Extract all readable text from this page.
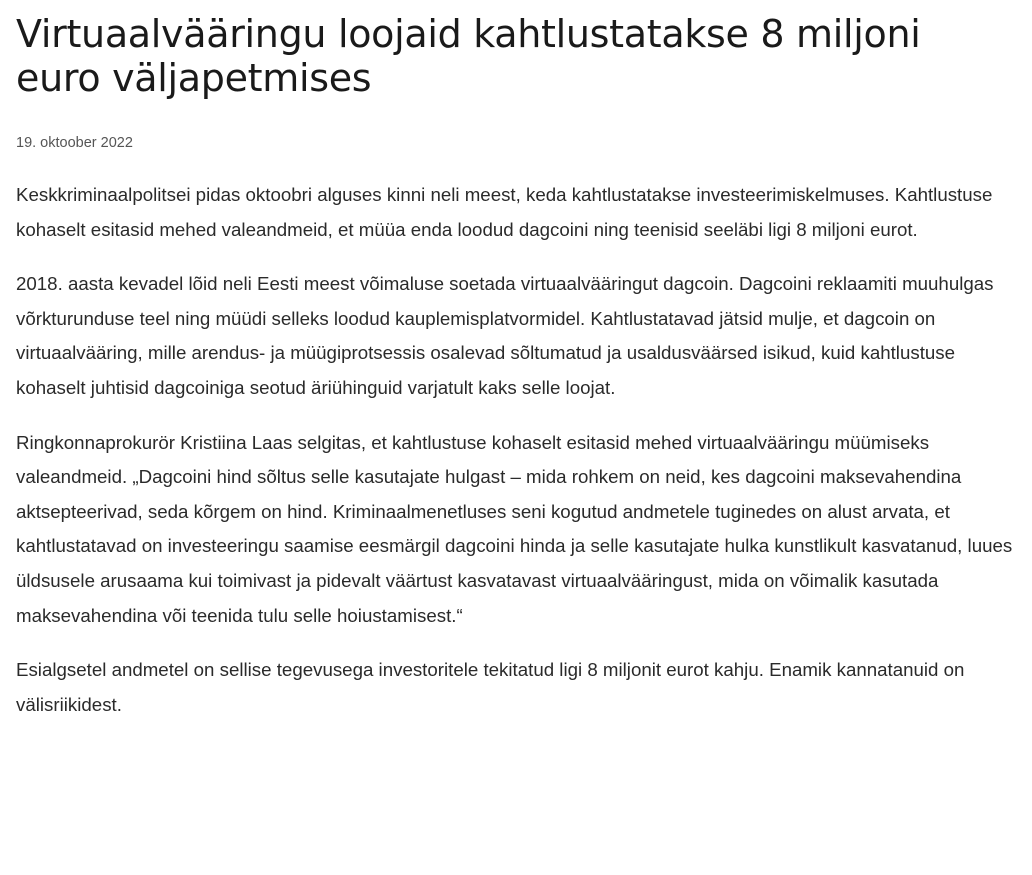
Virtuaalvääringu loojaid kahtlustatakse 8 miljoni euro väljapetmises
19. oktoober 2022

Keskkriminaalpolitsei pidas oktoobri alguses kinni neli meest, keda kahtlustatakse investeerimiskelmuses. Kahtlustuse kohaselt esitasid mehed valeandmeid, et müüa enda loodud dagcoini ning teenisid seeläbi ligi 8 miljoni eurot.

2018. aasta kevadel lõid neli Eesti meest võimaluse soetada virtuaalvääringut dagcoin. Dagcoini reklaamiti muuhulgas võrkturunduse teel ning müüdi selleks loodud kauplemisplatvormidel. Kahtlustatavad jätsid mulje, et dagcoin on virtuaalvääring, mille arendus- ja müügiprotsessis osalevad sõltumatud ja usaldusväärsed isikud, kuid kahtlustuse kohaselt juhtisid dagcoiniga seotud äriühinguid varjatult kaks selle loojat.

Ringkonnaprokurör Kristiina Laas selgitas, et kahtlustuse kohaselt esitasid mehed virtuaalvääringu müümiseks valeandmeid. „Dagcoini hind sõltus selle kasutajate hulgast – mida rohkem on neid, kes dagcoini maksevahendina aktsepteerivad, seda kõrgem on hind. Kriminaalmenetluses seni kogutud andmetele tuginedes on alust arvata, et kahtlustatavad on investeeringu saamise eesmärgil dagcoini hinda ja selle kasutajate hulka kunstlikult kasvatanud, luues üldsusele arusaama kui toimivast ja pidevalt väärtust kasvatavast virtuaalvääringust, mida on võimalik kasutada maksevahendina või teenida tulu selle hoiustamisest.“

Esialgsetel andmetel on sellise tegevusega investoritele tekitatud ligi 8 miljonit eurot kahju. Enamik kannatanuid on välisriikidest.
